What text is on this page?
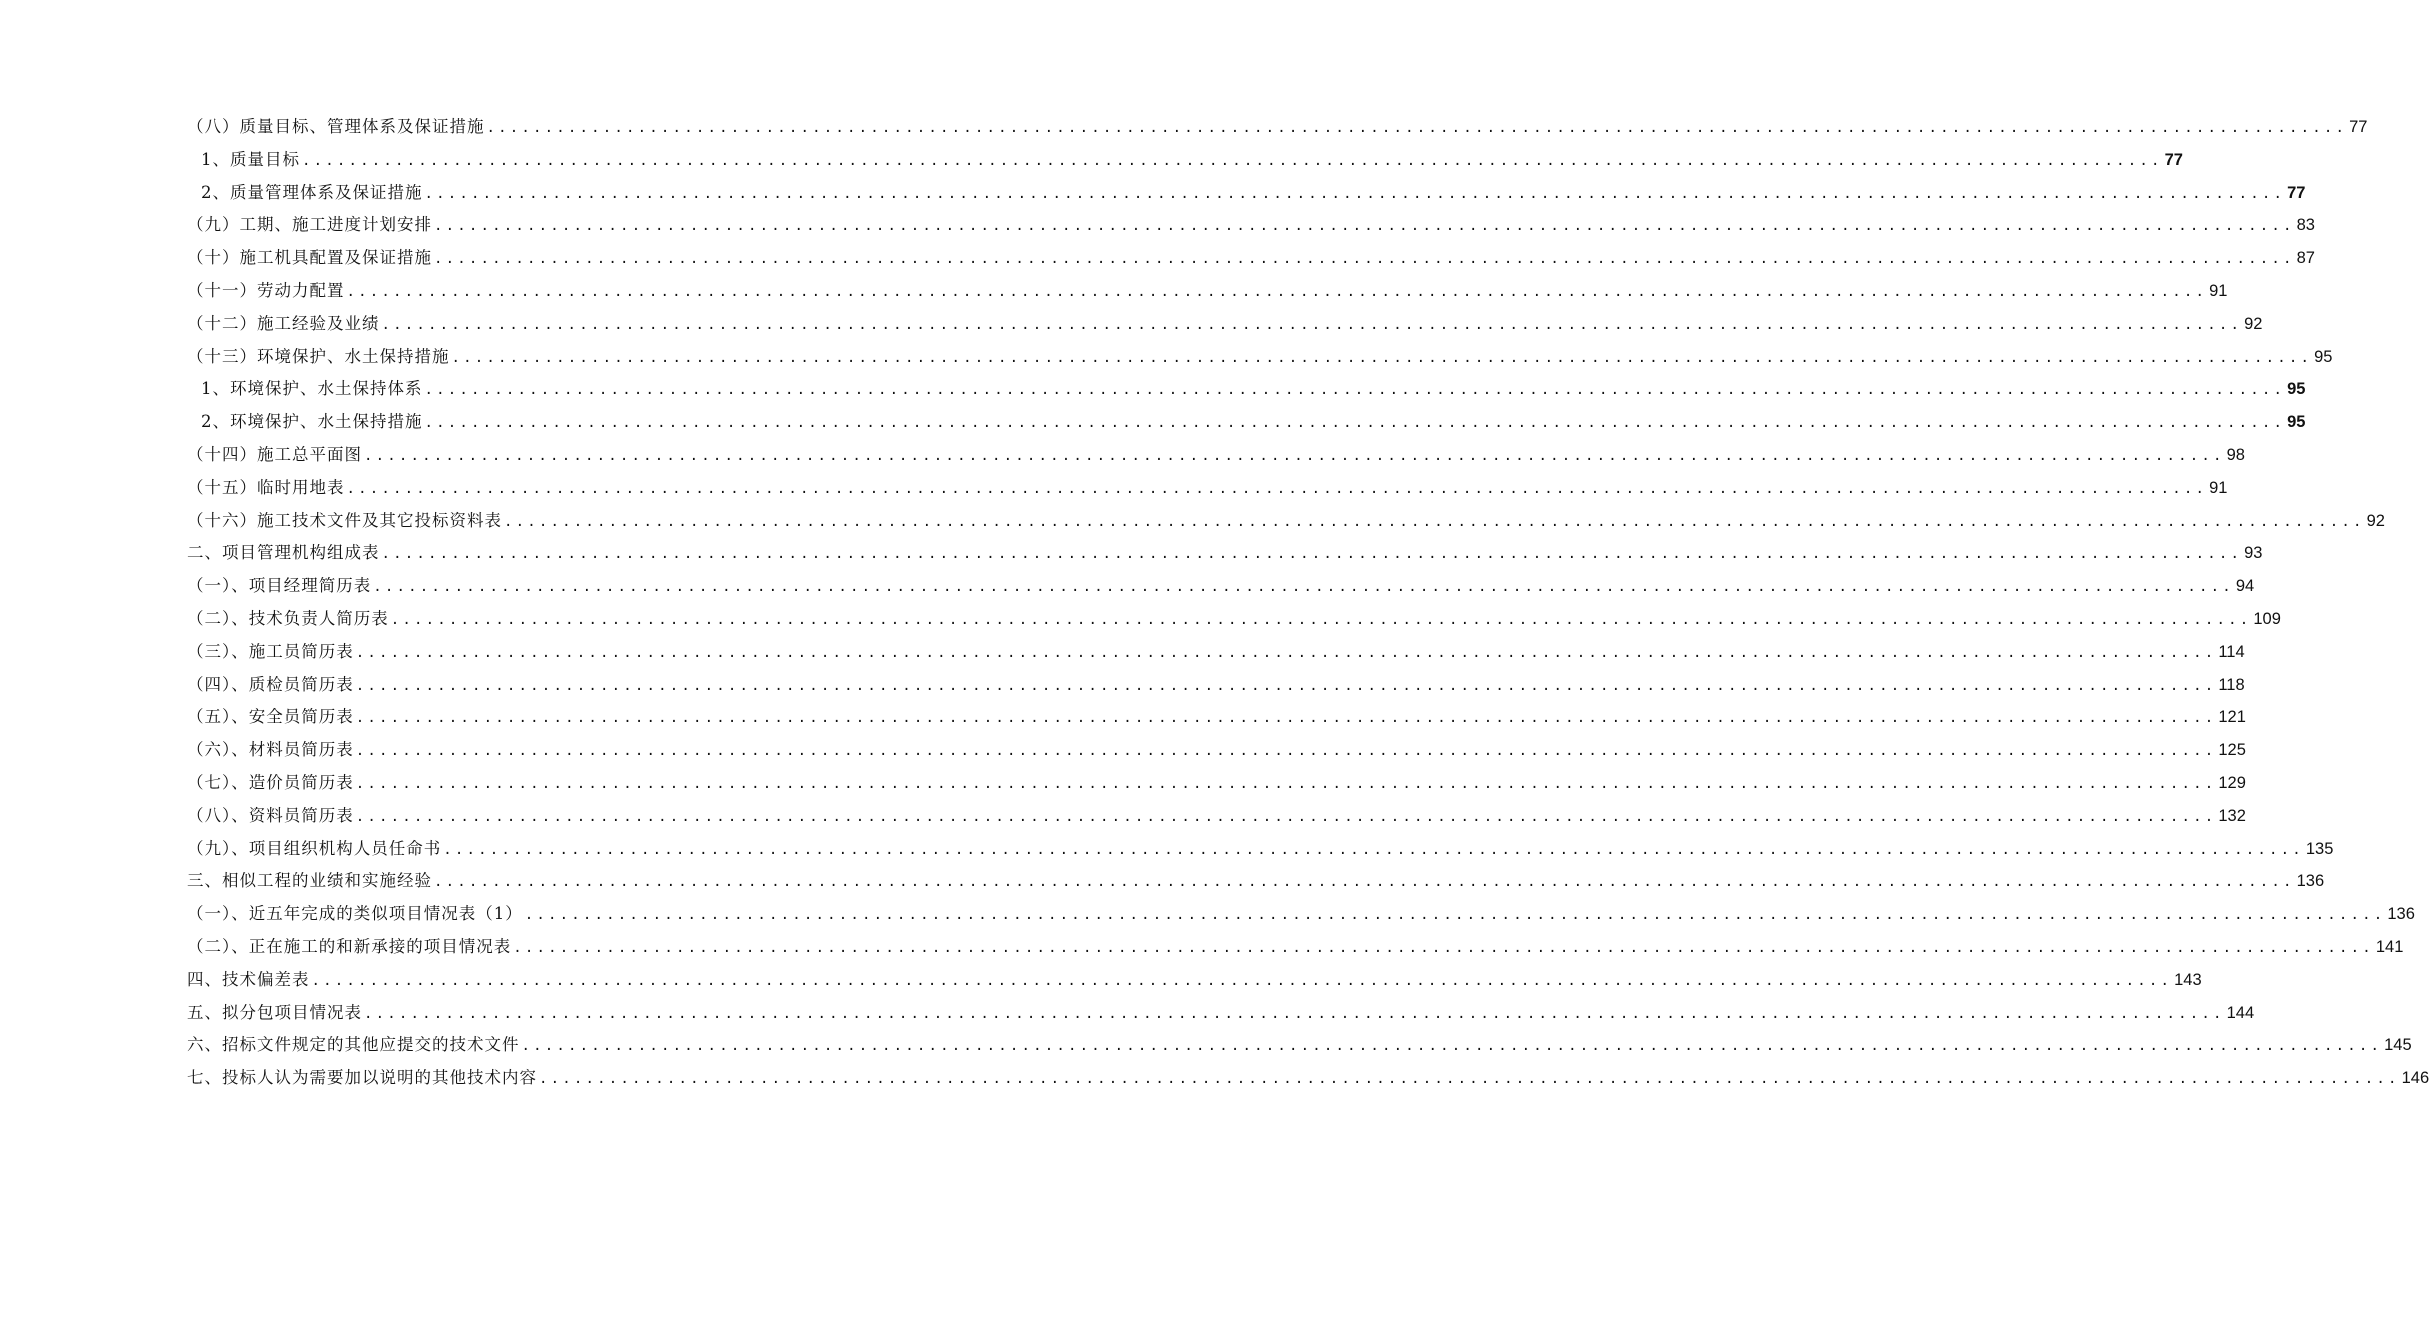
（八）质量目标、管理体系及保证措施 ................................................................................................................................................................ 77
1、质量目标 ................................................................................................................................................................ 77
2、质量管理体系及保证措施 ................................................................................................................................................................ 77
（九）工期、施工进度计划安排 ................................................................................................................................................................ 83
（十）施工机具配置及保证措施 ................................................................................................................................................................ 87
（十一）劳动力配置 ................................................................................................................................................................ 91
（十二）施工经验及业绩 ................................................................................................................................................................ 92
（十三）环境保护、水土保持措施 ................................................................................................................................................................ 95
1、环境保护、水土保持体系 ................................................................................................................................................................ 95
2、环境保护、水土保持措施 ................................................................................................................................................................ 95
（十四）施工总平面图 ................................................................................................................................................................ 98
（十五）临时用地表 ................................................................................................................................................................ 91
（十六）施工技术文件及其它投标资料表 ................................................................................................................................................................ 92
二、项目管理机构组成表 ................................................................................................................................................................ 93
（一）、项目经理简历表 ................................................................................................................................................................ 94
（二）、技术负责人简历表 ................................................................................................................................................................ 109
（三）、施工员简历表 ................................................................................................................................................................ 114
（四）、质检员简历表 ................................................................................................................................................................ 118
（五）、安全员简历表 ................................................................................................................................................................ 121
（六）、材料员简历表 ................................................................................................................................................................ 125
（七）、造价员简历表 ................................................................................................................................................................ 129
（八）、资料员简历表 ................................................................................................................................................................ 132
（九）、项目组织机构人员任命书 ................................................................................................................................................................ 135
三、相似工程的业绩和实施经验 ................................................................................................................................................................ 136
（一）、近五年完成的类似项目情况表（1） ................................................................................................................................................................ 136
（二）、正在施工的和新承接的项目情况表 ................................................................................................................................................................ 141
四、技术偏差表 ................................................................................................................................................................ 143
五、拟分包项目情况表 ................................................................................................................................................................ 144
六、招标文件规定的其他应提交的技术文件 ................................................................................................................................................................ 145
七、投标人认为需要加以说明的其他技术内容 ................................................................................................................................................................ 146
